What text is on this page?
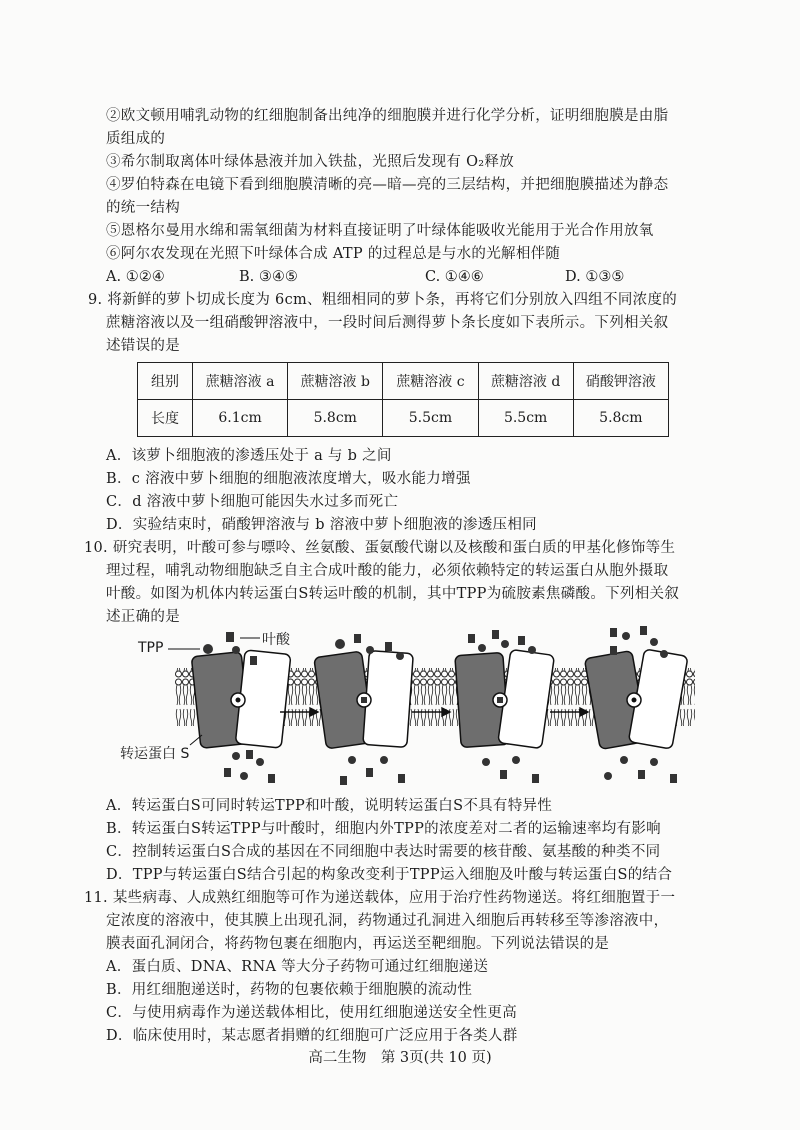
②欧文顿用哺乳动物的红细胞制备出纯净的细胞膜并进行化学分析，证明细胞膜是由脂
质组成的
③希尔制取离体叶绿体悬液并加入铁盐，光照后发现有 O₂释放
④罗伯特森在电镜下看到细胞膜清晰的亮—暗—亮的三层结构，并把细胞膜描述为静态
的统一结构
⑤恩格尔曼用水绵和需氧细菌为材料直接证明了叶绿体能吸收光能用于光合作用放氧
⑥阿尔农发现在光照下叶绿体合成 ATP 的过程总是与水的光解相伴随
A. ①②④	B. ③④⑤	C. ①④⑥	D. ①③⑤
9. 将新鲜的萝卜切成长度为 6cm、粗细相同的萝卜条，再将它们分别放入四组不同浓度的
蔗糖溶液以及一组硝酸钾溶液中，一段时间后测得萝卜条长度如下表所示。下列相关叙
述错误的是
组别	蔗糖溶液 a	蔗糖溶液 b	蔗糖溶液 c	蔗糖溶液 d	硝酸钾溶液
长度	6.1cm	5.8cm	5.5cm	5.5cm	5.8cm
A．该萝卜细胞液的渗透压处于 a 与 b 之间
B．c 溶液中萝卜细胞的细胞液浓度增大，吸水能力增强
C．d 溶液中萝卜细胞可能因失水过多而死亡
D．实验结束时，硝酸钾溶液与 b 溶液中萝卜细胞液的渗透压相同
10. 研究表明，叶酸可参与嘌呤、丝氨酸、蛋氨酸代谢以及核酸和蛋白质的甲基化修饰等生
理过程，哺乳动物细胞缺乏自主合成叶酸的能力，必须依赖特定的转运蛋白从胞外摄取
叶酸。如图为机体内转运蛋白S转运叶酸的机制，其中TPP为硫胺素焦磷酸。下列相关叙
述正确的是
TPP	叶酸
转运蛋白 S
A．转运蛋白S可同时转运TPP和叶酸，说明转运蛋白S不具有特异性
B．转运蛋白S转运TPP与叶酸时，细胞内外TPP的浓度差对二者的运输速率均有影响
C．控制转运蛋白S合成的基因在不同细胞中表达时需要的核苷酸、氨基酸的种类不同
D．TPP与转运蛋白S结合引起的构象改变利于TPP运入细胞及叶酸与转运蛋白S的结合
11. 某些病毒、人成熟红细胞等可作为递送载体，应用于治疗性药物递送。将红细胞置于一
定浓度的溶液中，使其膜上出现孔洞，药物通过孔洞进入细胞后再转移至等渗溶液中，
膜表面孔洞闭合，将药物包裹在细胞内，再运送至靶细胞。下列说法错误的是
A．蛋白质、DNA、RNA 等大分子药物可通过红细胞递送
B．用红细胞递送时，药物的包裹依赖于细胞膜的流动性
C．与使用病毒作为递送载体相比，使用红细胞递送安全性更高
D．临床使用时，某志愿者捐赠的红细胞可广泛应用于各类人群
高二生物　第 3页(共 10 页)
